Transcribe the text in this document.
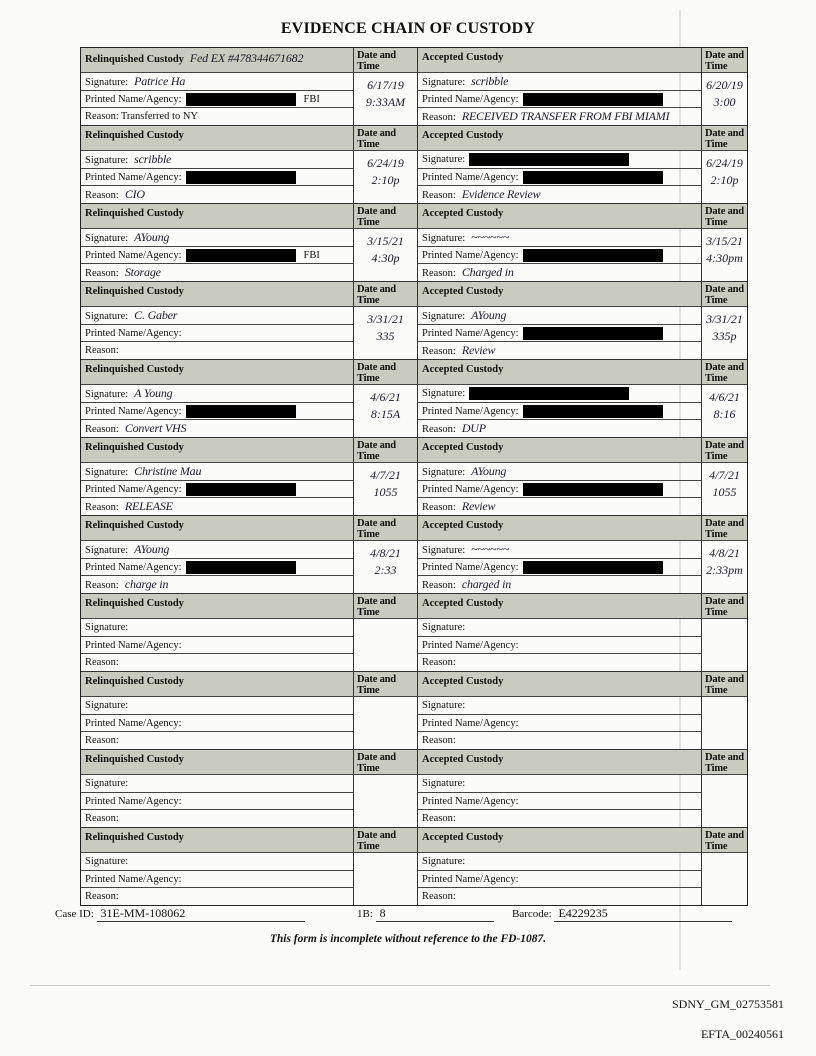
EVIDENCE CHAIN OF CUSTODY
Relinquished Custody Fed EX #478344671682	Date and Time
Signature: Patrice Ha
Printed Name/Agency:	FBI
Reason: Transferred to NY
6/17/19
9:33AM
Accepted Custody	Date and Time
Signature: scribble
Printed Name/Agency:
Reason: RECEIVED TRANSFER FROM FBI MIAMI
6/20/19
3:00
Relinquished Custody	Date and Time
Signature: scribble
Printed Name/Agency:
Reason: CIO
6/24/19
2:10p
Accepted Custody	Date and Time
Signature:
Printed Name/Agency:
Reason: Evidence Review
6/24/19
2:10p
Relinquished Custody	Date and Time
Signature: AYoung
Printed Name/Agency:	FBI
Reason: Storage
3/15/21
4:30p
Accepted Custody	Date and Time
Signature: ~~~~~~
Printed Name/Agency:
Reason: Charged in
3/15/21
4:30pm
Relinquished Custody	Date and Time
Signature: C. Gaber
Printed Name/Agency:
Reason:
3/31/21
335
Accepted Custody	Date and Time
Signature: AYoung
Printed Name/Agency:
Reason: Review
3/31/21
335p
Relinquished Custody	Date and Time
Signature: A Young
Printed Name/Agency:
Reason: Convert VHS
4/6/21
8:15A
Accepted Custody	Date and Time
Signature:
Printed Name/Agency:
Reason: DUP
4/6/21
8:16
Relinquished Custody	Date and Time
Signature: Christine Mau
Printed Name/Agency:
Reason: RELEASE
4/7/21
1055
Accepted Custody	Date and Time
Signature: AYoung
Printed Name/Agency:
Reason: Review
4/7/21
1055
Relinquished Custody	Date and Time
Signature: AYoung
Printed Name/Agency:
Reason: charge in
4/8/21
2:33
Accepted Custody	Date and Time
Signature: ~~~~~~
Printed Name/Agency:
Reason: charged in
4/8/21
2:33pm
Relinquished Custody	Date and Time
Signature:
Printed Name/Agency:
Reason:
Accepted Custody	Date and Time
Signature:
Printed Name/Agency:
Reason:
Relinquished Custody	Date and Time
Signature:
Printed Name/Agency:
Reason:
Accepted Custody	Date and Time
Signature:
Printed Name/Agency:
Reason:
Relinquished Custody	Date and Time
Signature:
Printed Name/Agency:
Reason:
Accepted Custody	Date and Time
Signature:
Printed Name/Agency:
Reason:
Relinquished Custody	Date and Time
Signature:
Printed Name/Agency:
Reason:
Accepted Custody	Date and Time
Signature:
Printed Name/Agency:
Reason:
Case ID: 31E-MM-108062	1B: 8	Barcode: E4229235
This form is incomplete without reference to the FD-1087.
SDNY_GM_02753581
EFTA_00240561
